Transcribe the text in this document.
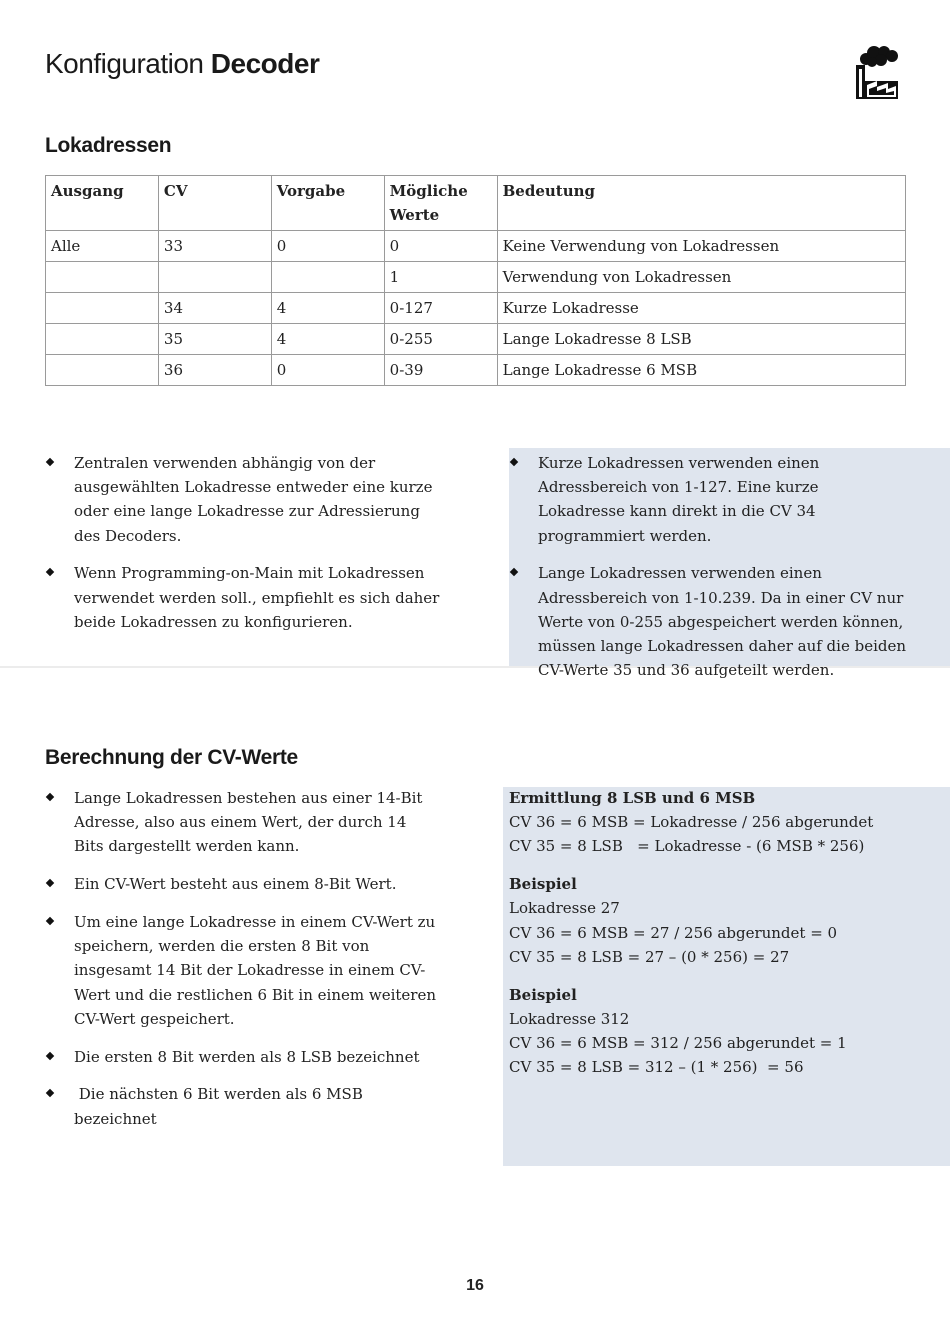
Konfiguration Decoder
Lokadressen
Ausgang	CV	Vorgabe	Mögliche Werte	Bedeutung
Alle	33	0	0	Keine Verwendung von Lokadressen
			1	Verwendung von Lokadressen
	34	4	0-127	Kurze Lokadresse
	35	4	0-255	Lange Lokadresse 8 LSB
	36	0	0-39	Lange Lokadresse 6 MSB
Zentralen verwenden abhängig von der ausgewählten Lokadresse entweder eine kurze oder eine lange Lokadresse zur Adressierung des Decoders.
Wenn Programming-on-Main mit Lokadressen verwendet werden soll., empfiehlt es sich daher beide Lokadressen zu konfigurieren.
Kurze Lokadressen verwenden einen Adressbereich von 1-127. Eine kurze Lokadresse kann direkt in die CV 34 programmiert werden.
Lange Lokadressen verwenden einen Adressbereich von 1-10.239. Da in einer CV nur Werte von 0-255 abgespeichert werden können, müssen lange Lokadressen daher auf die beiden CV-Werte 35 und 36 aufgeteilt werden.
Berechnung der CV-Werte
Lange Lokadressen bestehen aus einer 14-Bit Adresse, also aus einem Wert, der durch 14 Bits dargestellt werden kann.
Ein CV-Wert besteht aus einem 8-Bit Wert.
Um eine lange Lokadresse in einem CV-Wert zu speichern, werden die ersten 8 Bit von insgesamt 14 Bit der Lokadresse in einem CV-Wert und die restlichen 6 Bit in einem weiteren CV-Wert gespeichert.
Die ersten 8 Bit werden als 8 LSB bezeichnet
Die nächsten 6 Bit werden als 6 MSB bezeichnet
Ermittlung 8 LSB und 6 MSB
CV 36 = 6 MSB = Lokadresse / 256 abgerundet
CV 35 = 8 LSB   = Lokadresse - (6 MSB * 256)
Beispiel
Lokadresse 27
CV 36 = 6 MSB = 27 / 256 abgerundet = 0
CV 35 = 8 LSB = 27 – (0 * 256) = 27
Beispiel
Lokadresse 312
CV 36 = 6 MSB = 312 / 256 abgerundet = 1
CV 35 = 8 LSB = 312 – (1 * 256)  = 56
16
